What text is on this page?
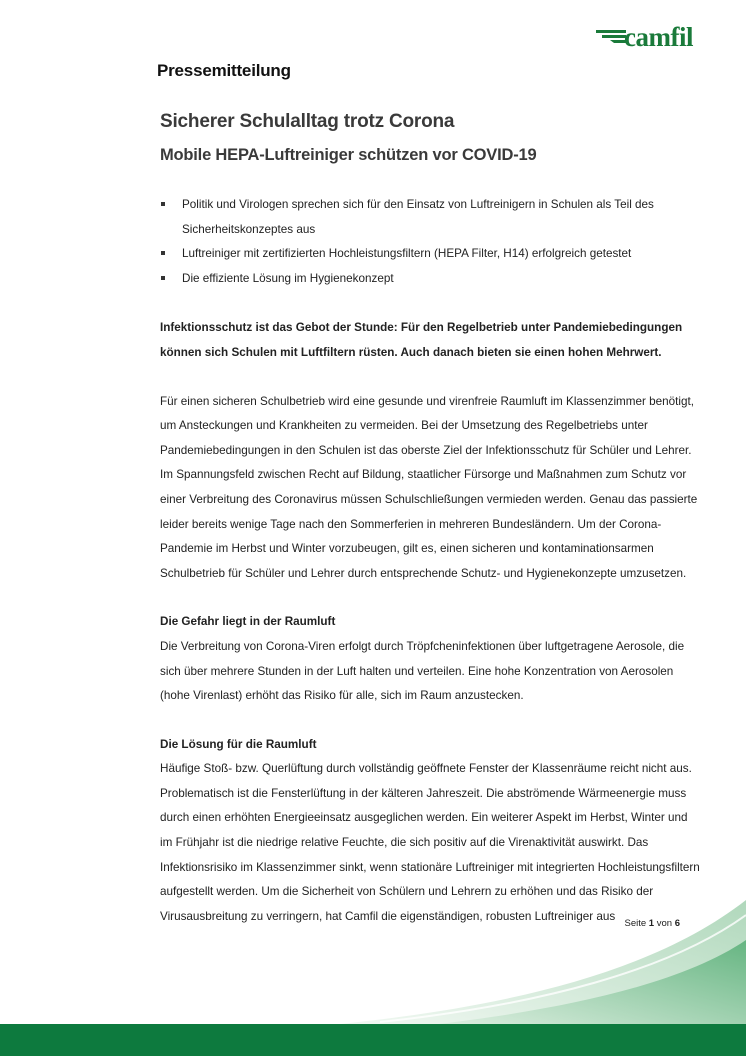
camfil
Pressemitteilung
Sicherer Schulalltag trotz Corona
Mobile HEPA-Luftreiniger schützen vor COVID-19
Politik und Virologen sprechen sich für den Einsatz von Luftreinigern in Schulen als Teil des Sicherheitskonzeptes aus
Luftreiniger mit zertifizierten Hochleistungsfiltern (HEPA Filter, H14) erfolgreich getestet
Die effiziente Lösung im Hygienekonzept
Infektionsschutz ist das Gebot der Stunde: Für den Regelbetrieb unter Pandemiebedingungen können sich Schulen mit Luftfiltern rüsten. Auch danach bieten sie einen hohen Mehrwert.
Für einen sicheren Schulbetrieb wird eine gesunde und virenfreie Raumluft im Klassenzimmer benötigt, um Ansteckungen und Krankheiten zu vermeiden. Bei der Umsetzung des Regelbetriebs unter Pandemiebedingungen in den Schulen ist das oberste Ziel der Infektionsschutz für Schüler und Lehrer. Im Spannungsfeld zwischen Recht auf Bildung, staatlicher Fürsorge und Maßnahmen zum Schutz vor einer Verbreitung des Coronavirus müssen Schulschließungen vermieden werden. Genau das passierte leider bereits wenige Tage nach den Sommerferien in mehreren Bundesländern. Um der Corona-Pandemie im Herbst und Winter vorzubeugen, gilt es, einen sicheren und kontaminationsarmen Schulbetrieb für Schüler und Lehrer durch entsprechende Schutz- und Hygienekonzepte umzusetzen.
Die Gefahr liegt in der Raumluft
Die Verbreitung von Corona-Viren erfolgt durch Tröpfcheninfektionen über luftgetragene Aerosole, die sich über mehrere Stunden in der Luft halten und verteilen. Eine hohe Konzentration von Aerosolen (hohe Virenlast) erhöht das Risiko für alle, sich im Raum anzustecken.
Die Lösung für die Raumluft
Häufige Stoß- bzw. Querlüftung durch vollständig geöffnete Fenster der Klassenräume reicht nicht aus. Problematisch ist die Fensterlüftung in der kälteren Jahreszeit. Die abströmende Wärmeenergie muss durch einen erhöhten Energieeinsatz ausgeglichen werden. Ein weiterer Aspekt im Herbst, Winter und im Frühjahr ist die niedrige relative Feuchte, die sich positiv auf die Virenaktivität auswirkt. Das Infektionsrisiko im Klassenzimmer sinkt, wenn stationäre Luftreiniger mit integrierten Hochleistungsfiltern aufgestellt werden. Um die Sicherheit von Schülern und Lehrern zu erhöhen und das Risiko der Virusausbreitung zu verringern, hat Camfil die eigenständigen, robusten Luftreiniger aus
Seite 1 von 6
